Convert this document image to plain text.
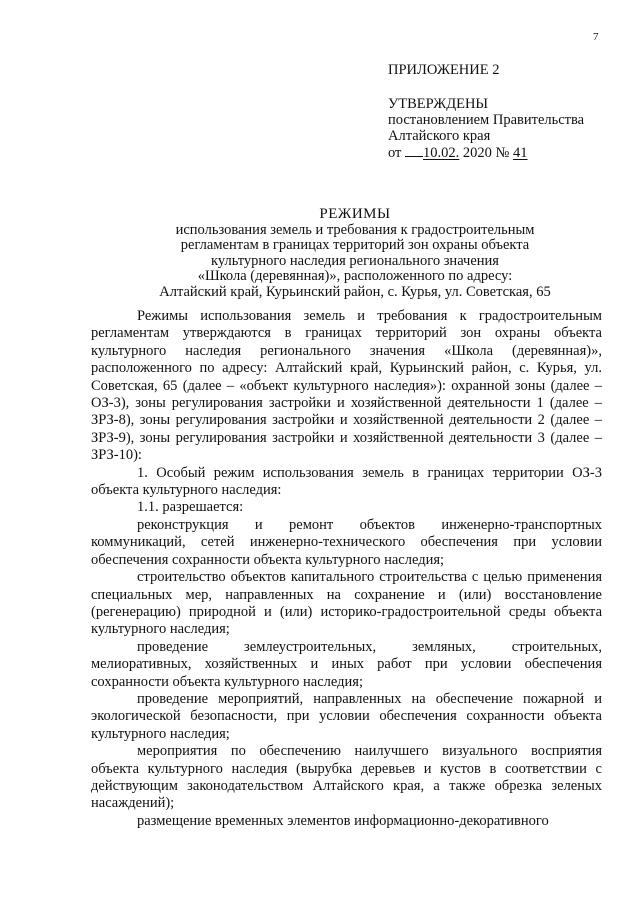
7
ПРИЛОЖЕНИЕ 2
УТВЕРЖДЕНЫ
постановлением Правительства
Алтайского края
от 10.02. 2020 № 41
РЕЖИМЫ
использования земель и требования к градостроительным
регламентам в границах территорий зон охраны объекта
культурного наследия регионального значения
«Школа (деревянная)», расположенного по адресу:
Алтайский край, Курьинский район, с. Курья, ул. Советская, 65

Режимы использования земель и требования к градостроительным регламентам утверждаются в границах территорий зон охраны объекта культурного наследия регионального значения «Школа (деревянная)», расположенного по адресу: Алтайский край, Курьинский район, с. Курья, ул. Советская, 65 (далее – «объект культурного наследия»): охранной зоны (далее – ОЗ-3), зоны регулирования застройки и хозяйственной деятельности 1 (далее – ЗРЗ-8), зоны регулирования застройки и хозяйственной деятельности 2 (далее – ЗРЗ-9), зоны регулирования застройки и хозяйственной деятельности 3 (далее – ЗРЗ-10):

1. Особый режим использования земель в границах территории ОЗ-3 объекта культурного наследия:

1.1. разрешается:

реконструкция и ремонт объектов инженерно-транспортных коммуникаций, сетей инженерно-технического обеспечения при условии обеспечения сохранности объекта культурного наследия;

строительство объектов капитального строительства с целью применения специальных мер, направленных на сохранение и (или) восстановление (регенерацию) природной и (или) историко-градостроительной среды объекта культурного наследия;

проведение землеустроительных, земляных, строительных, мелиоративных, хозяйственных и иных работ при условии обеспечения сохранности объекта культурного наследия;

проведение мероприятий, направленных на обеспечение пожарной и экологической безопасности, при условии обеспечения сохранности объекта культурного наследия;

мероприятия по обеспечению наилучшего визуального восприятия объекта культурного наследия (вырубка деревьев и кустов в соответствии с действующим законодательством Алтайского края, а также обрезка зеленых насаждений);

размещение временных элементов информационно-декоративного
